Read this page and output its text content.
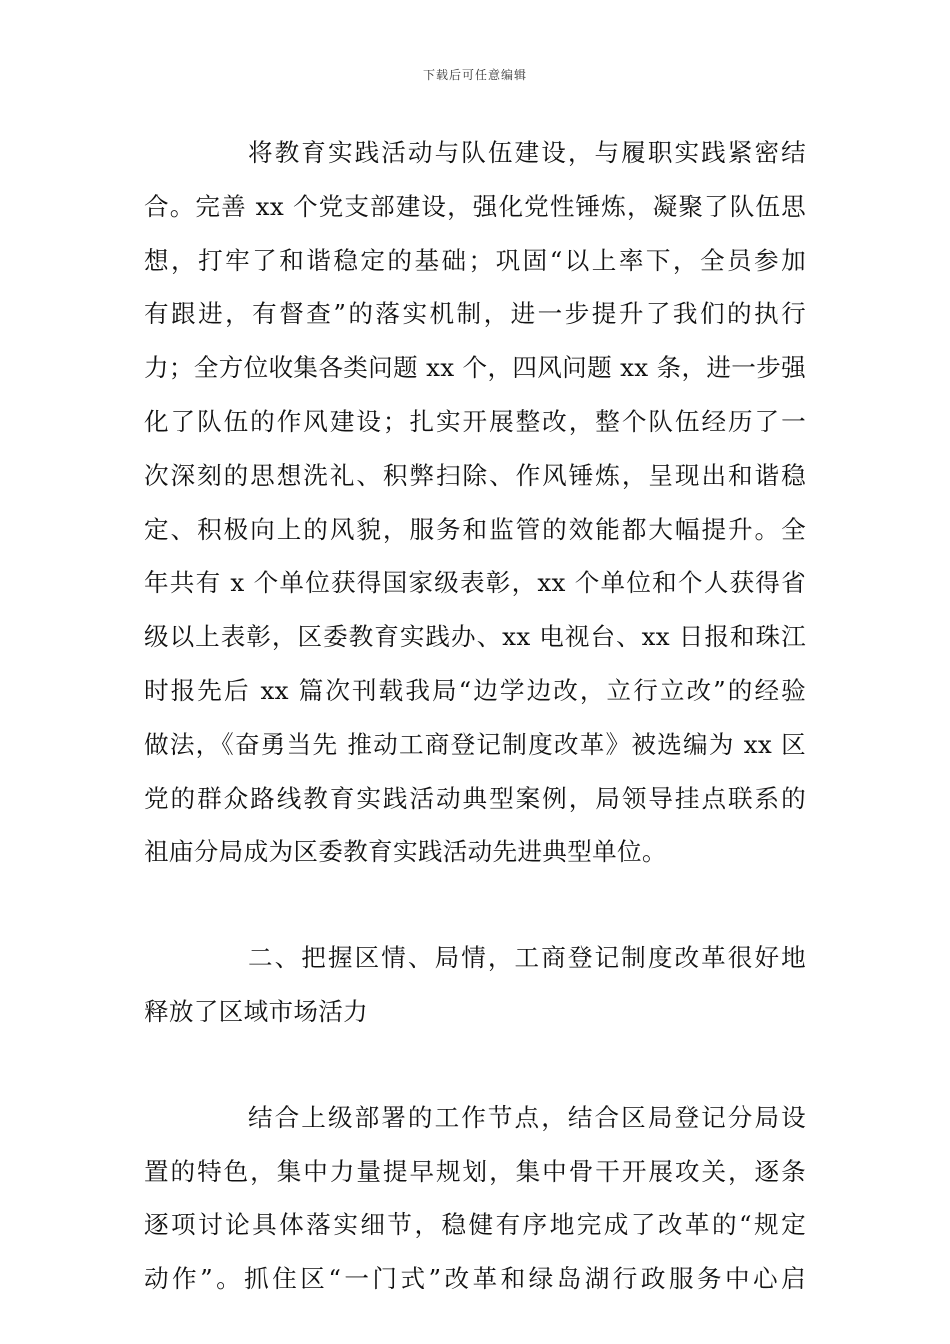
下载后可任意编辑

将教育实践活动与队伍建设，与履职实践紧密结
合。完善 xx 个党支部建设，强化党性锤炼，凝聚了队伍思
想，打牢了和谐稳定的基础；巩固“以上率下，全员参加
有跟进，有督查”的落实机制，进一步提升了我们的执行
力；全方位收集各类问题 xx 个，四风问题 xx 条，进一步强
化了队伍的作风建设；扎实开展整改，整个队伍经历了一
次深刻的思想洗礼、积弊扫除、作风锤炼，呈现出和谐稳
定、积极向上的风貌，服务和监管的效能都大幅提升。全
年共有 x 个单位获得国家级表彰，xx 个单位和个人获得省
级以上表彰，区委教育实践办、xx 电视台、xx 日报和珠江
时报先后 xx 篇次刊载我局“边学边改，立行立改”的经验
做法，《奋勇当先 推动工商登记制度改革》被选编为 xx 区
党的群众路线教育实践活动典型案例，局领导挂点联系的
祖庙分局成为区委教育实践活动先进典型单位。

二、把握区情、局情，工商登记制度改革很好地
释放了区域市场活力

结合上级部署的工作节点，结合区局登记分局设
置的特色，集中力量提早规划，集中骨干开展攻关，逐条
逐项讨论具体落实细节，稳健有序地完成了改革的“规定
动作”。抓住区“一门式”改革和绿岛湖行政服务中心启
